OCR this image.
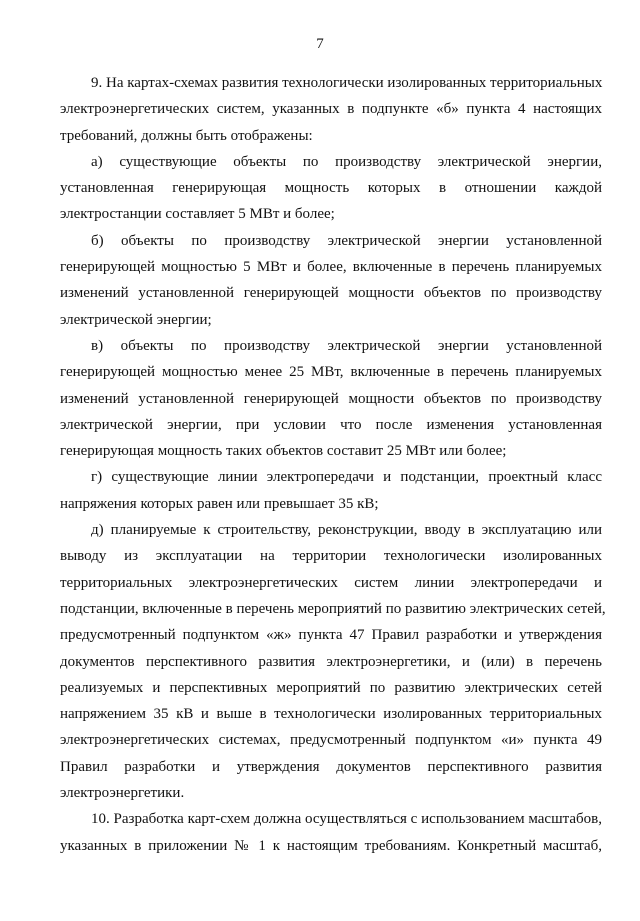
7
9. На картах-схемах развития технологически изолированных территориальных
электроэнергетических систем, указанных в подпункте «б» пункта 4 настоящих
требований, должны быть отображены:
а) существующие объекты по производству электрической энергии,
установленная генерирующая мощность которых в отношении каждой
электростанции составляет 5 МВт и более;
б) объекты по производству электрической энергии установленной
генерирующей мощностью 5 МВт и более, включенные в перечень планируемых
изменений установленной генерирующей мощности объектов по производству
электрической энергии;
в) объекты по производству электрической энергии установленной
генерирующей мощностью менее 25 МВт, включенные в перечень планируемых
изменений установленной генерирующей мощности объектов по производству
электрической энергии, при условии что после изменения установленная
генерирующая мощность таких объектов составит 25 МВт или более;
г) существующие линии электропередачи и подстанции, проектный класс
напряжения которых равен или превышает 35 кВ;
д) планируемые к строительству, реконструкции, вводу в эксплуатацию или
выводу из эксплуатации на территории технологически изолированных
территориальных электроэнергетических систем линии электропередачи и
подстанции, включенные в перечень мероприятий по развитию электрических сетей,
предусмотренный подпунктом «ж» пункта 47 Правил разработки и утверждения
документов перспективного развития электроэнергетики, и (или) в перечень
реализуемых и перспективных мероприятий по развитию электрических сетей
напряжением 35 кВ и выше в технологически изолированных территориальных
электроэнергетических системах, предусмотренный подпунктом «и» пункта 49
Правил разработки и утверждения документов перспективного развития
электроэнергетики.
10. Разработка карт-схем должна осуществляться с использованием масштабов,
указанных в приложении № 1 к настоящим требованиям. Конкретный масштаб,
